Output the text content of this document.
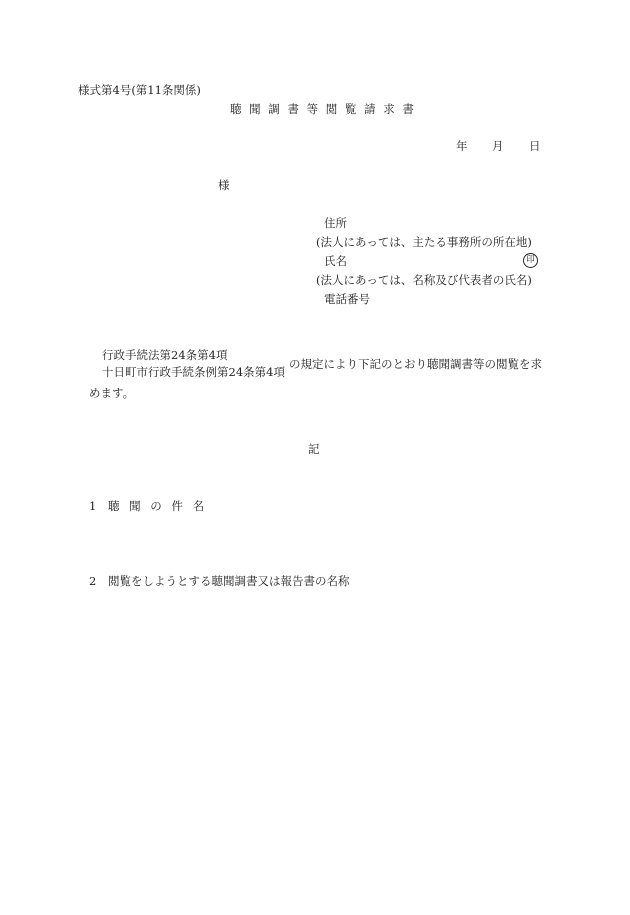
様式第4号(第11条関係)
聴 聞 調 書 等 閲 覧 請 求 書
年 月 日
様
住所
(法人にあっては、主たる事務所の所在地)
氏名	印
(法人にあっては、名称及び代表者の氏名)
電話番号
行政手続法第24条第4項
十日町市行政手続条例第24条第4項
の規定により下記のとおり聴聞調書等の閲覧を求
めます。
記
1 聴 聞 の 件 名
2 閲覧をしようとする聴聞調書又は報告書の名称
